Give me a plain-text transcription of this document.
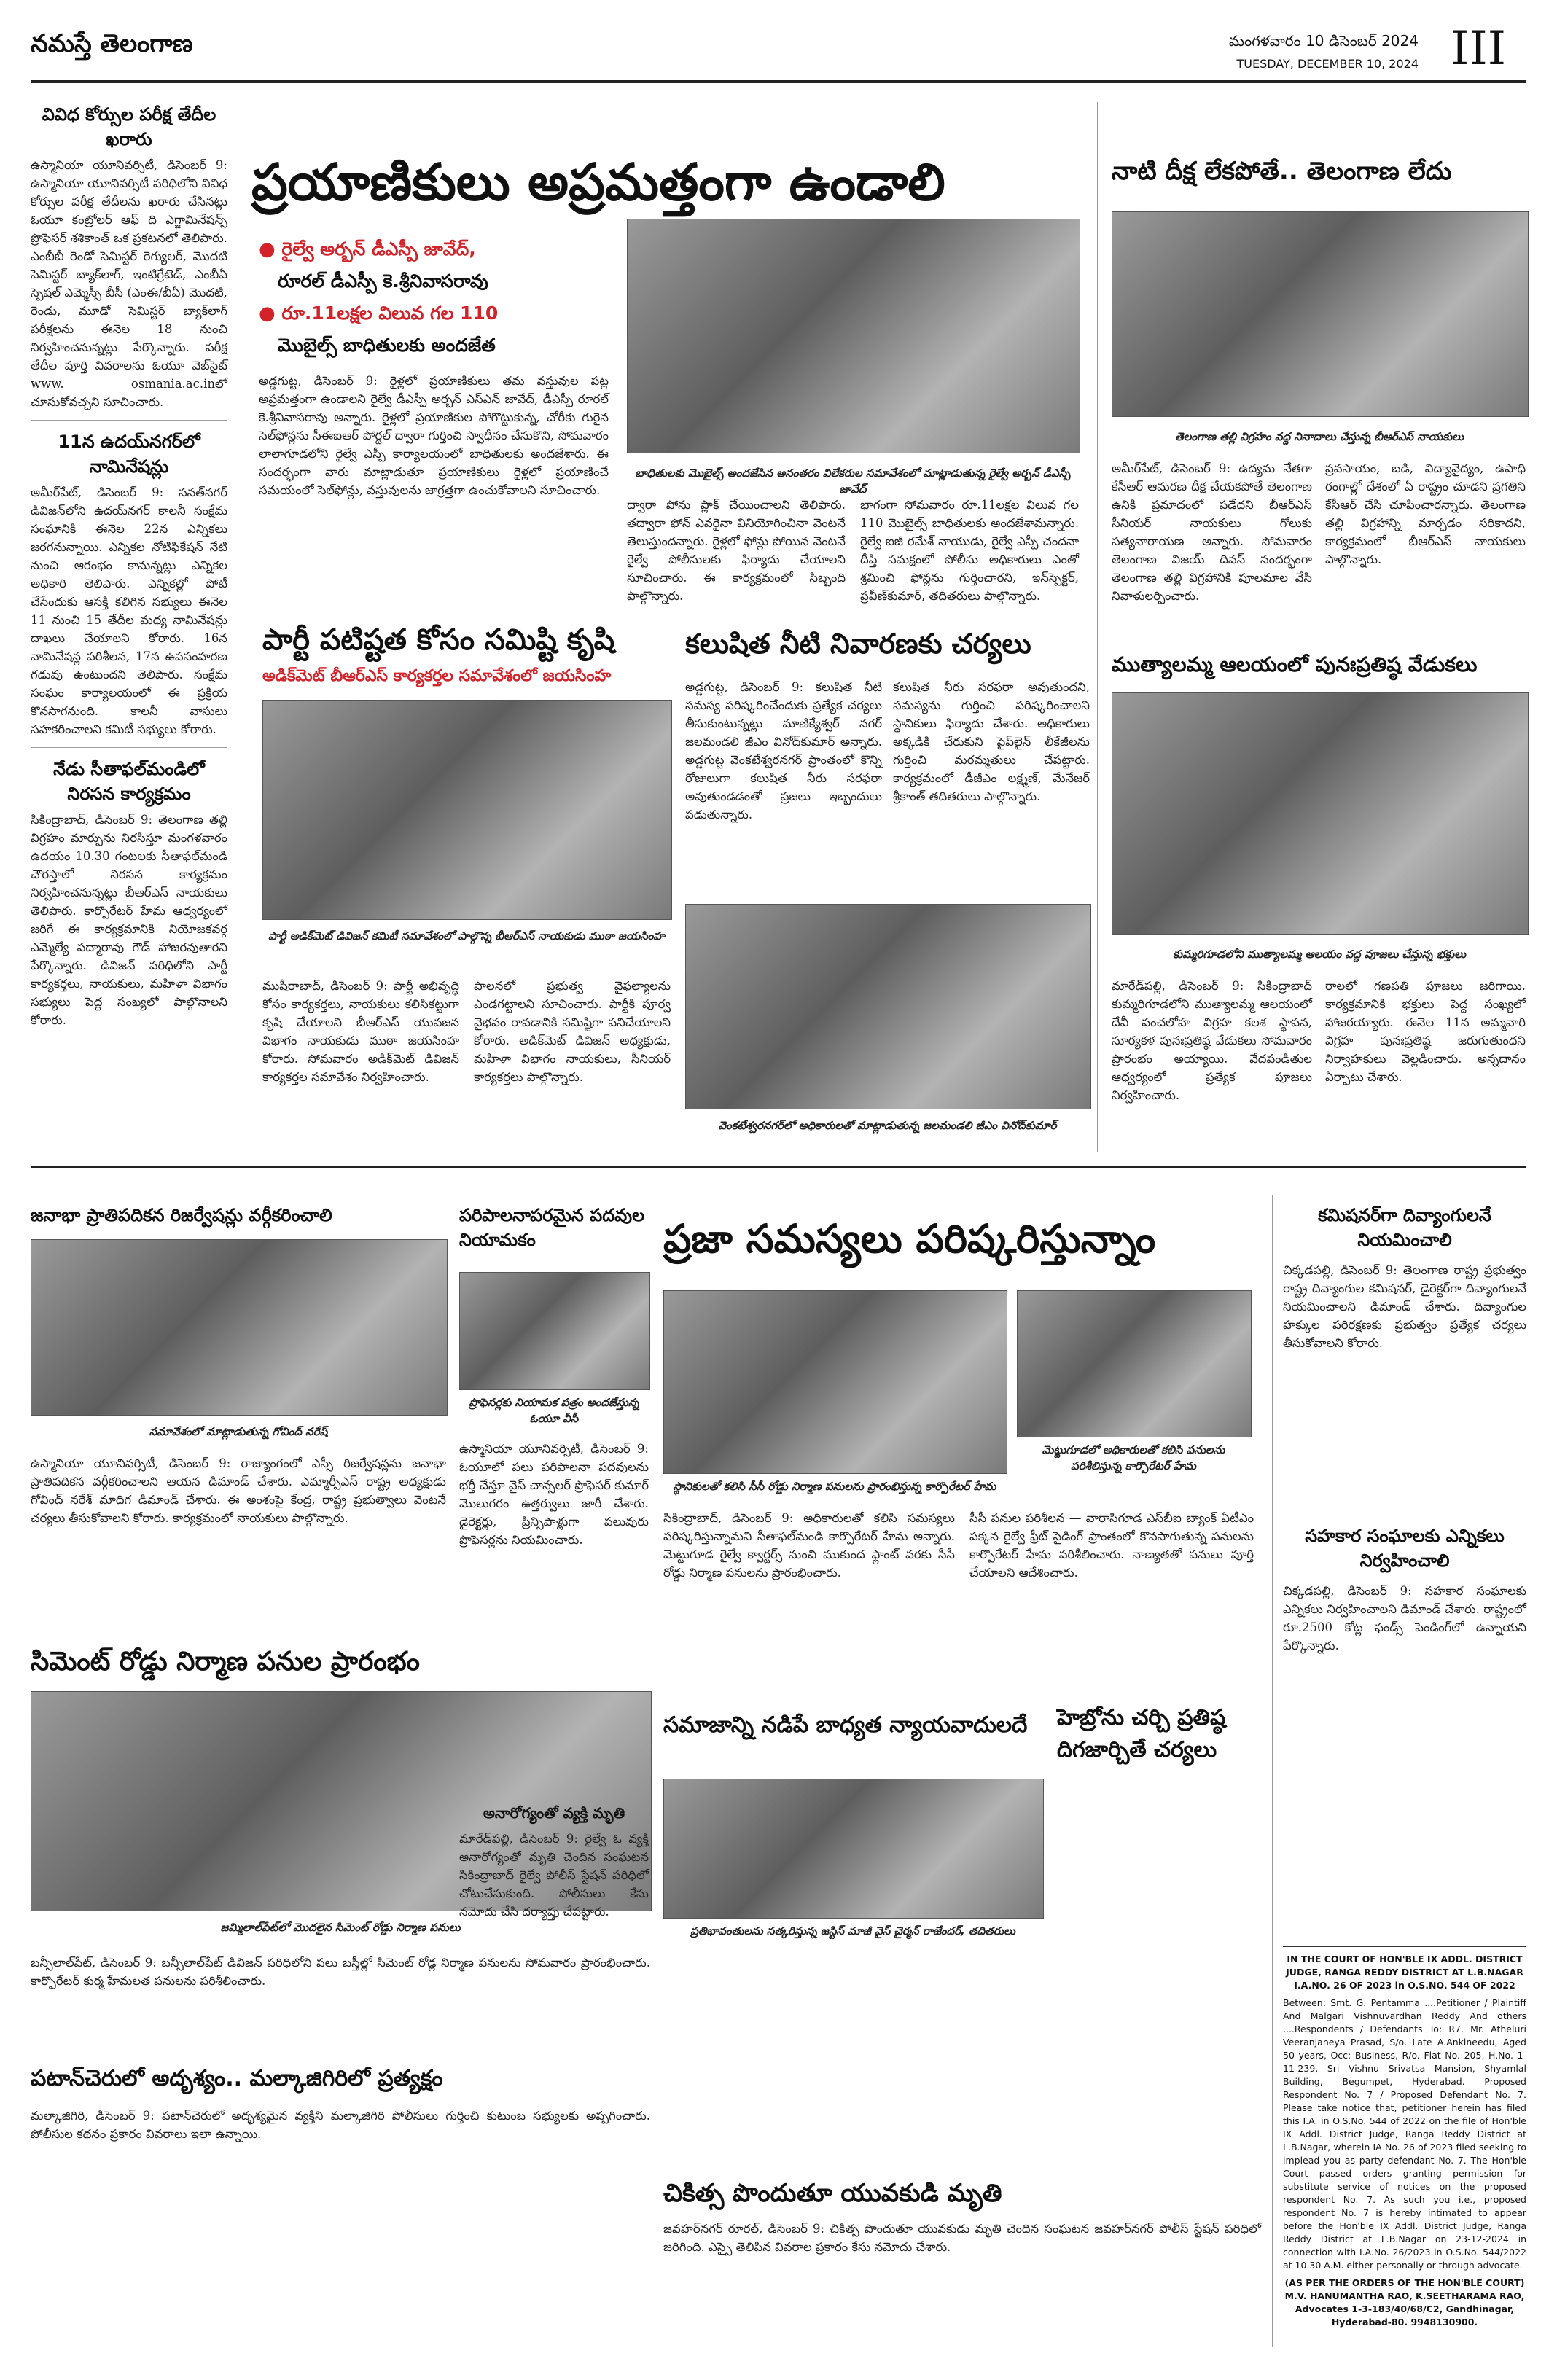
నమస్తే తెలంగాణ	మంగళవారం 10 డిసెంబర్ 2024
TUESDAY, DECEMBER 10, 2024 III
వివిధ కోర్సుల పరీక్ష తేదీల ఖరారు
ఉస్మానియా యూనివర్సిటీ, డిసెంబర్ 9: ఉస్మానియా యూనివర్సిటీ పరిధిలోని వివిధ కోర్సుల పరీక్ష తేదీలను ఖరారు చేసినట్లు ఓయూ కంట్రోలర్ ఆఫ్ ది ఎగ్జామినేషన్స్ ప్రొఫెసర్ శశికాంత్ ఒక ప్రకటనలో తెలిపారు. ఎంబీబీ రెండో సెమిస్టర్ రెగ్యులర్, మొదటి సెమిస్టర్ బ్యాక్‌లాగ్, ఇంటిగ్రేటెడ్, ఎంబీఏ స్పెషల్ ఎమ్మెస్సీ బీసీ (ఎంఈ/బీఏ) మొదటి, రెండు, మూడో సెమిస్టర్ బ్యాక్‌లాగ్ పరీక్షలను ఈనెల 18 నుంచి నిర్వహించనున్నట్లు పేర్కొన్నారు. పరీక్ష తేదీల పూర్తి వివరాలను ఓయూ వెబ్‌సైట్ www. osmania.ac.inలో చూసుకోవచ్చని సూచించారు.
11న ఉదయ్‌నగర్‌లో నామినేషన్లు
అమీర్‌పేట్, డిసెంబర్ 9: సనత్‌నగర్ డివిజన్‌లోని ఉదయ్‌నగర్ కాలనీ సంక్షేమ సంఘానికి ఈనెల 22న ఎన్నికలు జరగనున్నాయి. ఎన్నికల నోటిఫికేషన్ నేటి నుంచి ఆరంభం కానున్నట్లు ఎన్నికల అధికారి తెలిపారు. ఎన్నికల్లో పోటీ చేసేందుకు ఆసక్తి కలిగిన సభ్యులు ఈనెల 11 నుంచి 15 తేదీల మధ్య నామినేషన్లు దాఖలు చేయాలని కోరారు. 16న నామినేషన్ల పరిశీలన, 17న ఉపసంహరణ గడువు ఉంటుందని తెలిపారు. సంక్షేమ సంఘం కార్యాలయంలో ఈ ప్రక్రియ కొనసాగనుంది. కాలనీ వాసులు సహకరించాలని కమిటీ సభ్యులు కోరారు.
నేడు సీతాఫల్‌మండిలో నిరసన కార్యక్రమం
సికింద్రాబాద్, డిసెంబర్ 9: తెలంగాణ తల్లి విగ్రహం మార్పును నిరసిస్తూ మంగళవారం ఉదయం 10.30 గంటలకు సీతాఫల్‌మండి చౌరస్తాలో నిరసన కార్యక్రమం నిర్వహించనున్నట్లు బీఆర్‌ఎస్ నాయకులు తెలిపారు. కార్పొరేటర్ హేమ ఆధ్వర్యంలో జరిగే ఈ కార్యక్రమానికి నియోజకవర్గ ఎమ్మెల్యే పద్మారావు గౌడ్ హాజరవుతారని పేర్కొన్నారు. డివిజన్ పరిధిలోని పార్టీ కార్యకర్తలు, నాయకులు, మహిళా విభాగం సభ్యులు పెద్ద సంఖ్యలో పాల్గొనాలని కోరారు.
ప్రయాణికులు అప్రమత్తంగా ఉండాలి
● రైల్వే అర్బన్ డీఎస్పీ జావేద్,
రూరల్ డీఎస్పీ కె.శ్రీనివాసరావు
● రూ.11లక్షల విలువ గల 110
మొబైల్స్ బాధితులకు అందజేత
అడ్డగుట్ట, డిసెంబర్ 9: రైళ్లలో ప్రయాణికులు తమ వస్తువుల పట్ల అప్రమత్తంగా ఉండాలని రైల్వే డీఎస్పీ అర్బన్ ఎస్‌ఎన్ జావేద్, డీఎస్పీ రూరల్ కె.శ్రీనివాసరావు అన్నారు. రైళ్లలో ప్రయాణికుల పోగొట్టుకున్న, చోరీకు గురైన సెల్‌ఫోన్లను సీఈఐఆర్ పోర్టల్ ద్వారా గుర్తించి స్వాధీనం చేసుకొని, సోమవారం లాలాగూడలోని రైల్వే ఎస్పీ కార్యాలయంలో బాధితులకు అందజేశారు. ఈ సందర్భంగా వారు మాట్లాడుతూ ప్రయాణికులు రైళ్లలో ప్రయాణించే సమయంలో సెల్‌ఫోన్లు, వస్తువులను జాగ్రత్తగా ఉంచుకోవాలని సూచించారు.
బాధితులకు మొబైల్స్ అందజేసిన అనంతరం విలేకరుల సమావేశంలో మాట్లాడుతున్న రైల్వే అర్బన్ డీఎస్పీ జావేద్
ద్వారా పోను ప్లాక్ చేయించాలని తెలిపారు. తద్వారా ఫోన్ ఎవరైనా వినియోగించినా వెంటనే తెలుస్తుందన్నారు. రైళ్లలో ఫోన్లు పోయిన వెంటనే రైల్వే పోలీసులకు ఫిర్యాదు చేయాలని సూచించారు. ఈ కార్యక్రమంలో సిబ్బంది పాల్గొన్నారు.
భాగంగా సోమవారం రూ.11లక్షల విలువ గల 110 మొబైల్స్ బాధితులకు అందజేశామన్నారు. రైల్వే ఐజీ రమేశ్ నాయుడు, రైల్వే ఎస్పీ చందనా దీప్తి సమక్షంలో పోలీసు అధికారులు ఎంతో శ్రమించి ఫోన్లను గుర్తించారని, ఇన్‌స్పెక్టర్, ప్రవీణ్‌కుమార్, తదితరులు పాల్గొన్నారు.
నాటి దీక్ష లేకపోతే.. తెలంగాణ లేదు
తెలంగాణ తల్లి విగ్రహం వద్ద నినాదాలు చేస్తున్న బీఆర్‌ఎస్ నాయకులు
అమీర్‌పేట్, డిసెంబర్ 9: ఉద్యమ నేతగా కేసీఆర్ ఆమరణ దీక్ష చేయకపోతే తెలంగాణ ఉనికి ప్రమాదంలో పడేదని బీఆర్‌ఎస్ సీనియర్ నాయకులు గోలుకు సత్యనారాయణ అన్నారు. సోమవారం తెలంగాణ విజయ్ దివస్ సందర్భంగా తెలంగాణ తల్లి విగ్రహానికి పూలమాల వేసి నివాళులర్పించారు.
ప్రవసాయం, బడి, విద్యావైద్యం, ఉపాధి రంగాల్లో దేశంలో ఏ రాష్ట్రం చూడని ప్రగతిని కేసీఆర్ చేసి చూపించారన్నారు. తెలంగాణ తల్లి విగ్రహాన్ని మార్చడం సరికాదని, కార్యక్రమంలో బీఆర్‌ఎస్ నాయకులు పాల్గొన్నారు.
పార్టీ పటిష్టత కోసం సమిష్టి కృషి
అడిక్‌మెట్ బీఆర్‌ఎస్ కార్యకర్తల సమావేశంలో జయసింహ
పార్టీ అడిక్‌మెట్ డివిజన్ కమిటీ సమావేశంలో పాల్గొన్న బీఆర్‌ఎస్ నాయకుడు ముఠా జయసింహ
ముషీరాబాద్, డిసెంబర్ 9: పార్టీ అభివృద్ధి కోసం కార్యకర్తలు, నాయకులు కలిసికట్టుగా కృషి చేయాలని బీఆర్‌ఎస్ యువజన విభాగం నాయకుడు ముఠా జయసింహ కోరారు. సోమవారం అడిక్‌మెట్ డివిజన్ కార్యకర్తల సమావేశం నిర్వహించారు.
పాలనలో ప్రభుత్వ వైఫల్యాలను ఎండగట్టాలని సూచించారు. పార్టీకి పూర్వ వైభవం రావడానికి సమిష్టిగా పనిచేయాలని కోరారు. అడిక్‌మెట్ డివిజన్ అధ్యక్షుడు, మహిళా విభాగం నాయకులు, సీనియర్ కార్యకర్తలు పాల్గొన్నారు.
కలుషిత నీటి నివారణకు చర్యలు
అడ్డగుట్ట, డిసెంబర్ 9: కలుషిత నీటి సమస్య పరిష్కరించేందుకు ప్రత్యేక చర్యలు తీసుకుంటున్నట్లు మాణిక్యేశ్వర్ నగర్ జలమండలి జీఎం వినోద్‌కుమార్ అన్నారు. అడ్డగుట్ట వెంకటేశ్వరనగర్ ప్రాంతంలో కొన్ని రోజులుగా కలుషిత నీరు సరఫరా అవుతుండడంతో ప్రజలు ఇబ్బందులు పడుతున్నారు.
కలుషిత నీరు సరఫరా అవుతుందని, సమస్యను గుర్తించి పరిష్కరించాలని స్థానికులు ఫిర్యాదు చేశారు. అధికారులు అక్కడికి చేరుకుని పైప్‌లైన్ లీకేజీలను గుర్తించి మరమ్మతులు చేపట్టారు. కార్యక్రమంలో డీజీఎం లక్ష్మణ్, మేనేజర్ శ్రీకాంత్ తదితరులు పాల్గొన్నారు.
వెంకటేశ్వరనగర్‌లో అధికారులతో మాట్లాడుతున్న జలమండలి జీఎం వినోద్‌కుమార్
ముత్యాలమ్మ ఆలయంలో పునఃప్రతిష్ఠ వేడుకలు
కుమ్మరిగూడలోని ముత్యాలమ్మ ఆలయం వద్ద పూజలు చేస్తున్న భక్తులు
మారేడ్‌పల్లి, డిసెంబర్ 9: సికింద్రాబాద్ కుమ్మరిగూడలోని ముత్యాలమ్మ ఆలయంలో దేవీ పంచలోహ విగ్రహ కలశ స్థాపన, సూర్యకళ పునఃప్రతిష్ఠ వేడుకలు సోమవారం ప్రారంభం అయ్యాయి. వేదపండితుల ఆధ్వర్యంలో ప్రత్యేక పూజలు నిర్వహించారు.
రాలలో గణపతి పూజలు జరిగాయి. కార్యక్రమానికి భక్తులు పెద్ద సంఖ్యలో హాజరయ్యారు. ఈనెల 11న అమ్మవారి విగ్రహ పునఃప్రతిష్ఠ జరుగుతుందని నిర్వాహకులు వెల్లడించారు. అన్నదానం ఏర్పాటు చేశారు.
జనాభా ప్రాతిపదికన రిజర్వేషన్లు వర్గీకరించాలి
సమావేశంలో మాట్లాడుతున్న గోవింద్ నరేష్
ఉస్మానియా యూనివర్సిటీ, డిసెంబర్ 9: రాజ్యాంగంలో ఎస్సీ రిజర్వేషన్లను జనాభా ప్రాతిపదికన వర్గీకరించాలని ఆయన డిమాండ్ చేశారు. ఎమ్మార్పీఎస్ రాష్ట్ర అధ్యక్షుడు గోవింద్ నరేశ్ మాదిగ డిమాండ్ చేశారు. ఈ అంశంపై కేంద్ర, రాష్ట్ర ప్రభుత్వాలు వెంటనే చర్యలు తీసుకోవాలని కోరారు. కార్యక్రమంలో నాయకులు పాల్గొన్నారు.
పరిపాలనాపరమైన పదవుల నియామకం
ప్రొఫెసర్లకు నియామక పత్రం అందజేస్తున్న ఓయూ వీసీ
ఉస్మానియా యూనివర్సిటీ, డిసెంబర్ 9: ఓయూలో పలు పరిపాలనా పదవులను భర్తీ చేస్తూ వైస్ చాన్సలర్ ప్రొఫెసర్ కుమార్ మొలుగరం ఉత్తర్వులు జారీ చేశారు. డైరెక్టర్లు, ప్రిన్సిపాళ్లుగా పలువురు ప్రొఫెసర్లను నియమించారు.
సిమెంట్ రోడ్డు నిర్మాణ పనుల ప్రారంభం
జమ్మిలాల్‌పేట్‌లో మొదలైన సిమెంట్ రోడ్డు నిర్మాణ పనులు
బన్సీలాల్‌పేట్, డిసెంబర్ 9: బన్సీలాల్‌పేట్ డివిజన్ పరిధిలోని పలు బస్తీల్లో సిమెంట్ రోడ్ల నిర్మాణ పనులను సోమవారం ప్రారంభించారు. కార్పొరేటర్ కుర్మ హేమలత పనులను పరిశీలించారు.
పటాన్‌చెరులో అదృశ్యం.. మల్కాజిగిరిలో ప్రత్యక్షం
మల్కాజిగిరి, డిసెంబర్ 9: పటాన్‌చెరులో అదృశ్యమైన వ్యక్తిని మల్కాజిగిరి పోలీసులు గుర్తించి కుటుంబ సభ్యులకు అప్పగించారు. పోలీసుల కథనం ప్రకారం వివరాలు ఇలా ఉన్నాయి.
ప్రజా సమస్యలు పరిష్కరిస్తున్నాం
స్థానికులతో కలిసి సీసీ రోడ్డు నిర్మాణ పనులను ప్రారంభిస్తున్న కార్పొరేటర్ హేమ
మెట్టుగూడలో అధికారులతో కలిసి పనులను పరిశీలిస్తున్న కార్పొరేటర్ హేమ
సికింద్రాబాద్, డిసెంబర్ 9: అధికారులతో కలిసి సమస్యలు పరిష్కరిస్తున్నామని సీతాఫల్‌మండి కార్పొరేటర్ హేమ అన్నారు. మెట్టుగూడ రైల్వే క్వార్టర్స్ నుంచి ముకుంద ఫ్లాంట్ వరకు సీసీ రోడ్డు నిర్మాణ పనులను ప్రారంభించారు.
సీసీ పనుల పరిశీలన — వారాసిగూడ ఎస్‌బీఐ బ్యాంక్ ఏటీఎం పక్కన రైల్వే ఫ్రీట్ సైడింగ్ ప్రాంతంలో కొనసాగుతున్న పనులను కార్పొరేటర్ హేమ పరిశీలించారు. నాణ్యతతో పనులు పూర్తి చేయాలని ఆదేశించారు.
సమాజాన్ని నడిపే బాధ్యత న్యాయవాదులదే	హెబ్రోను చర్చి ప్రతిష్ఠ దిగజార్చితే చర్యలు
అనారోగ్యంతో వ్యక్తి మృతి
మారేడ్‌పల్లి, డిసెంబర్ 9: రైల్వే ఓ వ్యక్తి అనారోగ్యంతో మృతి చెందిన సంఘటన సికింద్రాబాద్ రైల్వే పోలీస్ స్టేషన్ పరిధిలో చోటుచేసుకుంది. పోలీసులు కేసు నమోదు చేసి దర్యాప్తు చేపట్టారు.
ప్రతిభావంతులను సత్కరిస్తున్న జస్టిస్ మాజీ వైస్ చైర్మన్ రాజేందర్, తదితరులు
చికిత్స పొందుతూ యువకుడి మృతి
జవహర్‌నగర్ రూరల్, డిసెంబర్ 9: చికిత్స పొందుతూ యువకుడు మృతి చెందిన సంఘటన జవహర్‌నగర్ పోలీస్ స్టేషన్ పరిధిలో జరిగింది. ఎస్సై తెలిపిన వివరాల ప్రకారం కేసు నమోదు చేశారు.
కమిషనర్‌గా దివ్యాంగులనే నియమించాలి
చిక్కడపల్లి, డిసెంబర్ 9: తెలంగాణ రాష్ట్ర ప్రభుత్వం రాష్ట్ర దివ్యాంగుల కమిషనర్, డైరెక్టర్‌గా దివ్యాంగులనే నియమించాలని డిమాండ్ చేశారు. దివ్యాంగుల హక్కుల పరిరక్షణకు ప్రభుత్వం ప్రత్యేక చర్యలు తీసుకోవాలని కోరారు.
సహకార సంఘాలకు ఎన్నికలు నిర్వహించాలి
చిక్కడపల్లి, డిసెంబర్ 9: సహకార సంఘాలకు ఎన్నికలు నిర్వహించాలని డిమాండ్ చేశారు. రాష్ట్రంలో రూ.2500 కోట్ల ఫండ్స్ పెండింగ్‌లో ఉన్నాయని పేర్కొన్నారు.
IN THE COURT OF HON'BLE IX ADDL. DISTRICT JUDGE, RANGA REDDY DISTRICT AT L.B.NAGAR I.A.NO. 26 OF 2023 in O.S.NO. 544 OF 2022
Between: Smt. G. Pentamma ....Petitioner / Plaintiff And Malgari Vishnuvardhan Reddy And others ....Respondents / Defendants To: R7. Mr. Atheluri Veeranjaneya Prasad, S/o. Late A.Ankineedu, Aged 50 years, Occ: Business, R/o. Flat No. 205, H.No. 1-11-239, Sri Vishnu Srivatsa Mansion, Shyamlal Building, Begumpet, Hyderabad. Proposed Respondent No. 7 / Proposed Defendant No. 7. Please take notice that, petitioner herein has filed this I.A. in O.S.No. 544 of 2022 on the file of Hon'ble IX Addl. District Judge, Ranga Reddy District at L.B.Nagar, wherein IA No. 26 of 2023 filed seeking to implead you as party defendant No. 7. The Hon'ble Court passed orders granting permission for substitute service of notices on the proposed respondent No. 7. As such you i.e., proposed respondent No. 7 is hereby intimated to appear before the Hon'ble IX Addl. District Judge, Ranga Reddy District at L.B.Nagar on 23-12-2024 in connection with I.A.No. 26/2023 in O.S.No. 544/2022 at 10.30 A.M. either personally or through advocate.
(AS PER THE ORDERS OF THE HON'BLE COURT) M.V. HANUMANTHA RAO, K.SEETHARAMA RAO, Advocates 1-3-183/40/68/C2, Gandhinagar, Hyderabad-80. 9948130900.
